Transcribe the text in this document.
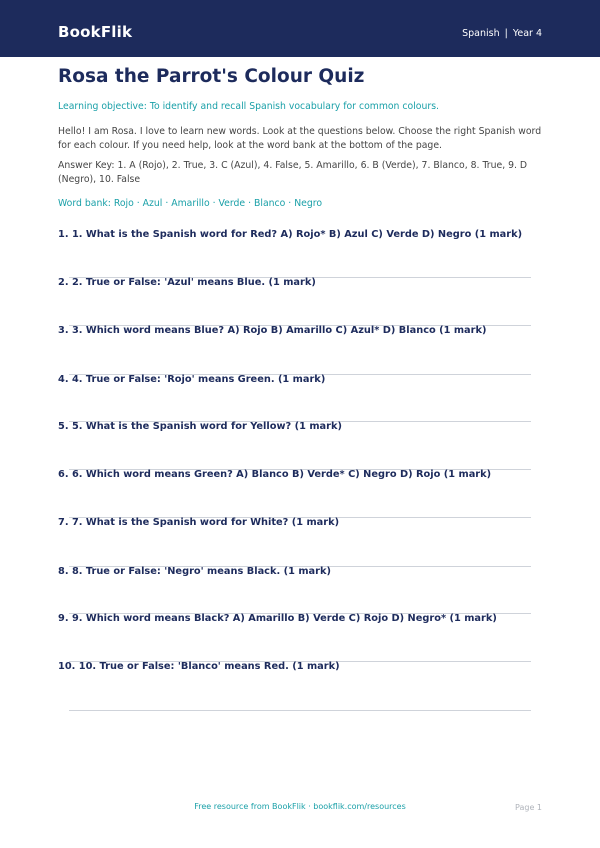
BookFlik	Spanish | Year 4
Rosa the Parrot's Colour Quiz
Learning objective: To identify and recall Spanish vocabulary for common colours.
Hello! I am Rosa. I love to learn new words. Look at the questions below. Choose the right Spanish word for each colour. If you need help, look at the word bank at the bottom of the page.
Answer Key: 1. A (Rojo), 2. True, 3. C (Azul), 4. False, 5. Amarillo, 6. B (Verde), 7. Blanco, 8. True, 9. D (Negro), 10. False
Word bank: Rojo · Azul · Amarillo · Verde · Blanco · Negro
1. 1. What is the Spanish word for Red? A) Rojo* B) Azul C) Verde D) Negro (1 mark)
2. 2. True or False: 'Azul' means Blue. (1 mark)
3. 3. Which word means Blue? A) Rojo B) Amarillo C) Azul* D) Blanco (1 mark)
4. 4. True or False: 'Rojo' means Green. (1 mark)
5. 5. What is the Spanish word for Yellow? (1 mark)
6. 6. Which word means Green? A) Blanco B) Verde* C) Negro D) Rojo (1 mark)
7. 7. What is the Spanish word for White? (1 mark)
8. 8. True or False: 'Negro' means Black. (1 mark)
9. 9. Which word means Black? A) Amarillo B) Verde C) Rojo D) Negro* (1 mark)
10. 10. True or False: 'Blanco' means Red. (1 mark)
Free resource from BookFlik · bookflik.com/resources	Page 1
